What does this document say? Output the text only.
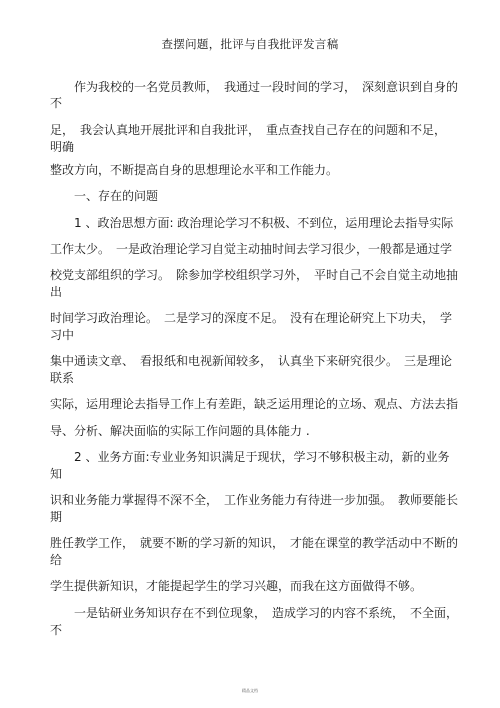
查摆问题，批评与自我批评发言稿
　　作为我校的一名党员教师，　我通过一段时间的学习，　深刻意识到自身的
不
足，　我会认真地开展批评和自我批评，　重点查找自己存在的问题和不足，
明确
整改方向，不断提高自身的思想理论水平和工作能力。
　　一、存在的问题
　　1 、政治思想方面: 政治理论学习不积极、不到位，运用理论去指导实际
工作太少。　一是政治理论学习自觉主动抽时间去学习很少，一般都是通过学
校党支部组织的学习。　除参加学校组织学习外，　平时自己不会自觉主动地抽
出
时间学习政治理论。　二是学习的深度不足。　没有在理论研究上下功夫，　学
习中
集中通读文章、　看报纸和电视新闻较多，　认真坐下来研究很少。　三是理论
联系
实际，运用理论去指导工作上有差距，缺乏运用理论的立场、观点、方法去指
导、分析、解决面临的实际工作问题的具体能力 .
　　2 、业务方面:专业业务知识满足于现状，学习不够积极主动，新的业务
知
识和业务能力掌握得不深不全，　工作业务能力有待进一步加强。　教师要能长
期
胜任教学工作，　就要不断的学习新的知识，　才能在课堂的教学活动中不断的
给
学生提供新知识，才能提起学生的学习兴趣，而我在这方面做得不够。
　　一是钻研业务知识存在不到位现象，　造成学习的内容不系统，　不全面，
不
精品文档
